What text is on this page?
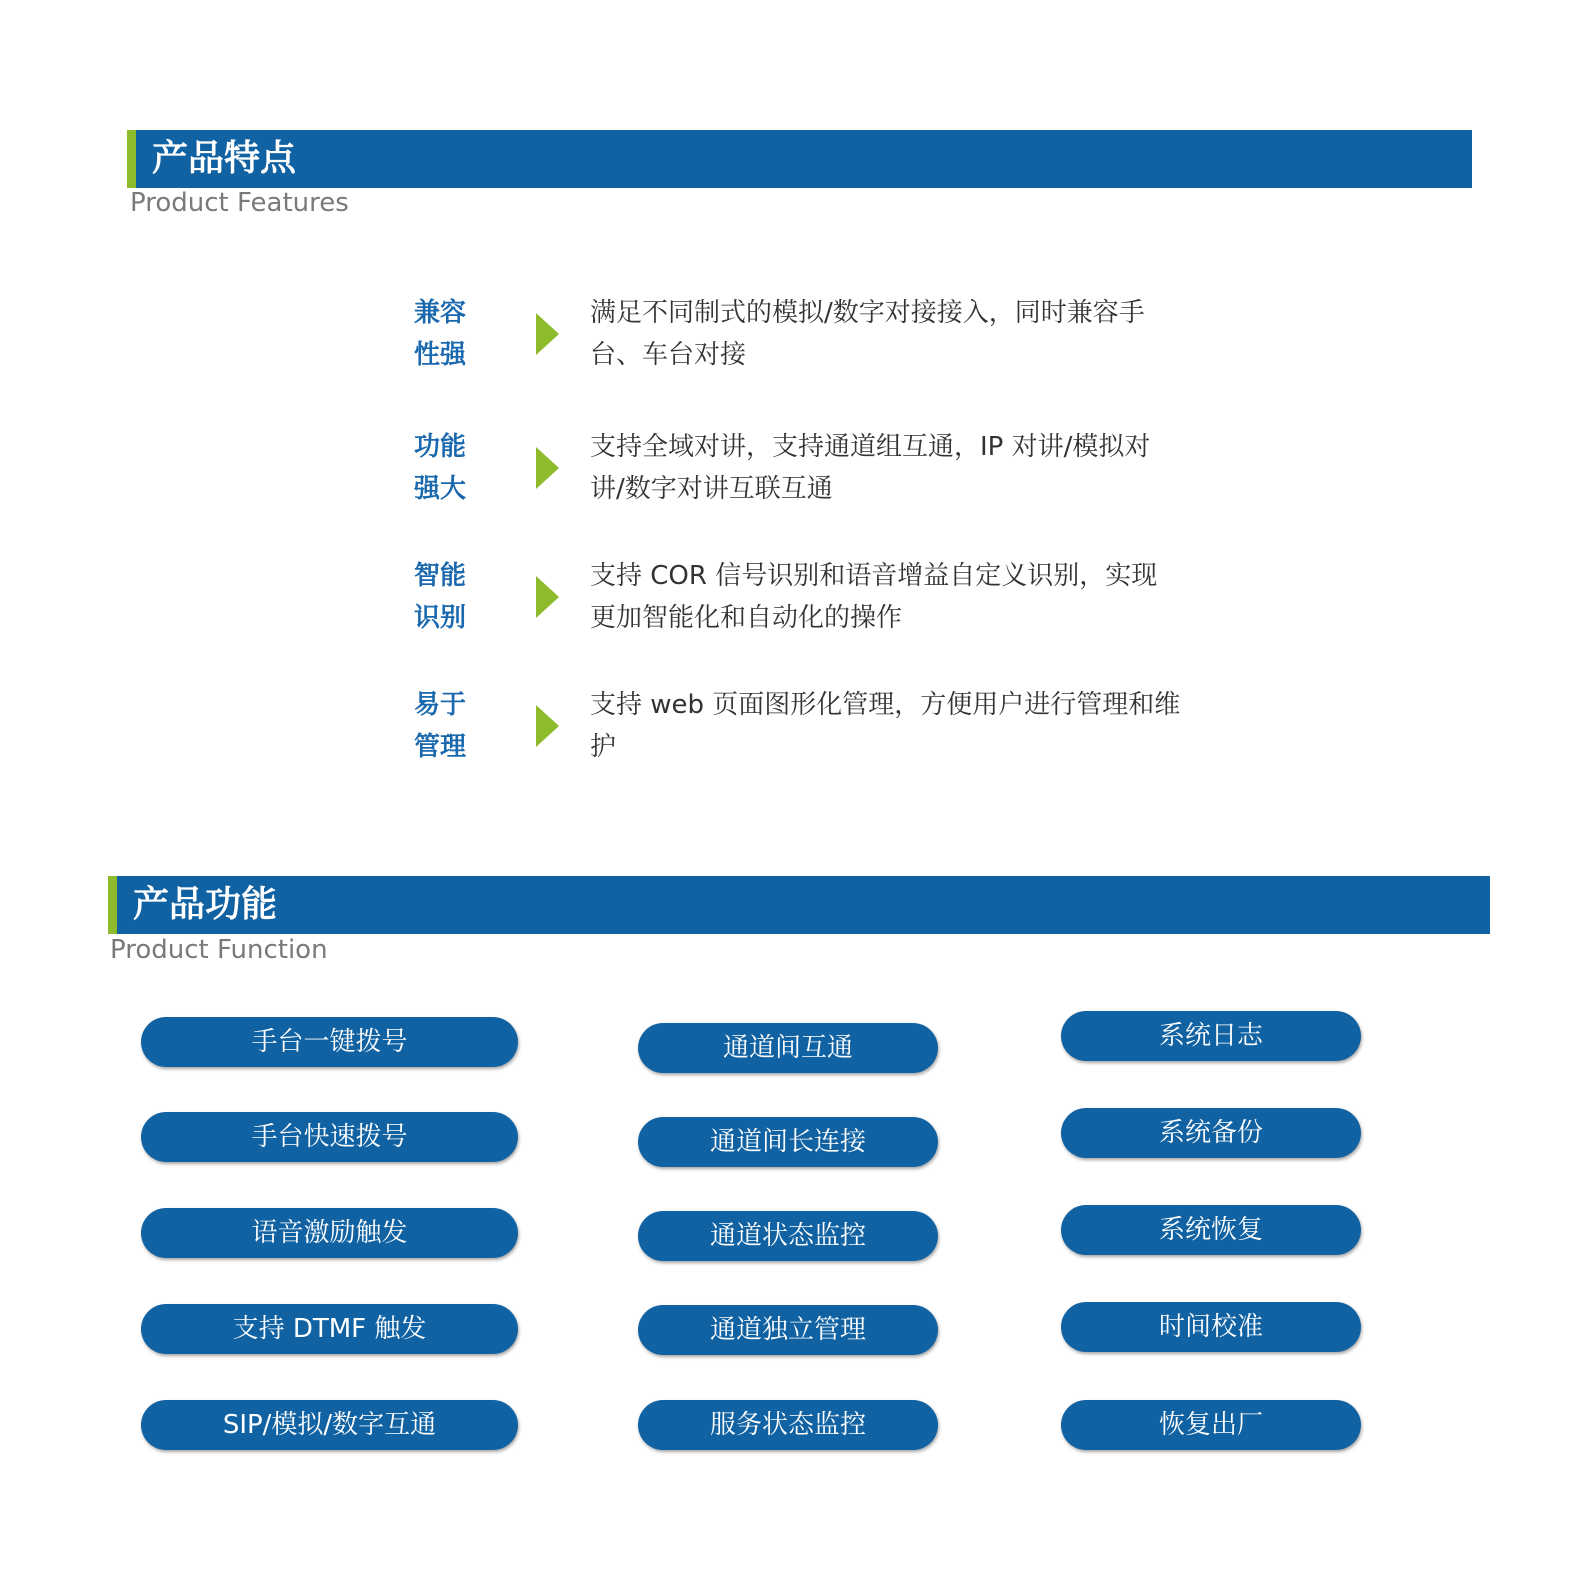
产品特点
Product Features
兼容性强
满足不同制式的模拟/数字对接接入，同时兼容手台、车台对接
功能强大
支持全域对讲，支持通道组互通，IP 对讲/模拟对讲/数字对讲互联互通
智能识别
支持 COR 信号识别和语音增益自定义识别，实现更加智能化和自动化的操作
易于管理
支持 web 页面图形化管理，方便用户进行管理和维护
产品功能
Product Function
手台一键拨号
手台快速拨号
语音激励触发
支持 DTMF 触发
SIP/模拟/数字互通
通道间互通
通道间长连接
通道状态监控
通道独立管理
服务状态监控
系统日志
系统备份
系统恢复
时间校准
恢复出厂
